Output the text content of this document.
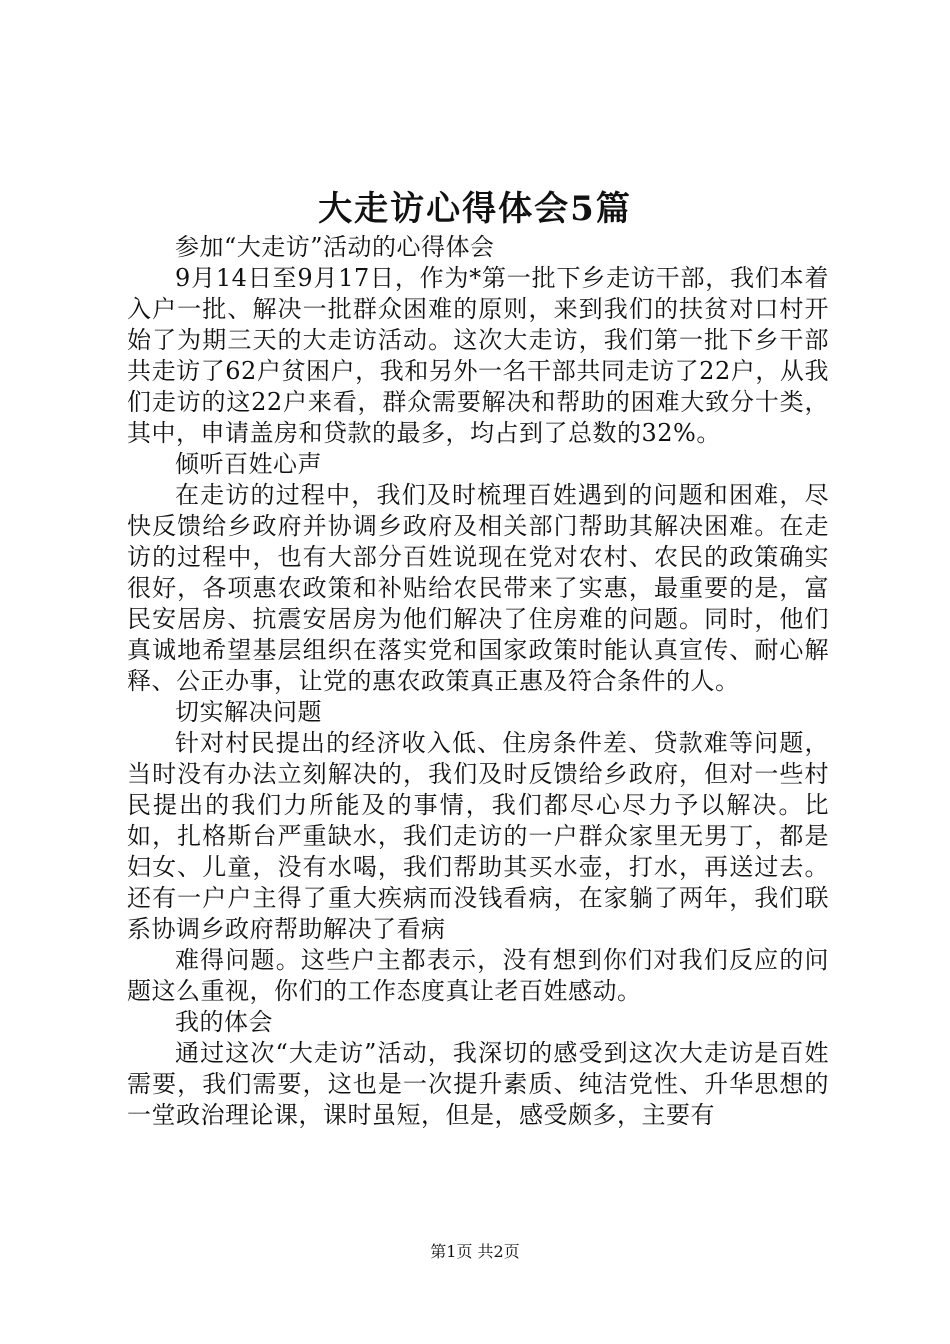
大走访心得体会5篇

参加“大走访”活动的心得体会

9月14日至9月17日，作为*第一批下乡走访干部，我们本着入户一批、解决一批群众困难的原则，来到我们的扶贫对口村开始了为期三天的大走访活动。这次大走访，我们第一批下乡干部共走访了62户贫困户，我和另外一名干部共同走访了22户，从我们走访的这22户来看，群众需要解决和帮助的困难大致分十类，其中，申请盖房和贷款的最多，均占到了总数的32%。

倾听百姓心声

在走访的过程中，我们及时梳理百姓遇到的问题和困难，尽快反馈给乡政府并协调乡政府及相关部门帮助其解决困难。在走访的过程中，也有大部分百姓说现在党对农村、农民的政策确实很好，各项惠农政策和补贴给农民带来了实惠，最重要的是，富民安居房、抗震安居房为他们解决了住房难的问题。同时，他们真诚地希望基层组织在落实党和国家政策时能认真宣传、耐心解释、公正办事，让党的惠农政策真正惠及符合条件的人。

切实解决问题

针对村民提出的经济收入低、住房条件差、贷款难等问题，当时没有办法立刻解决的，我们及时反馈给乡政府，但对一些村民提出的我们力所能及的事情，我们都尽心尽力予以解决。比如，扎格斯台严重缺水，我们走访的一户群众家里无男丁，都是妇女、儿童，没有水喝，我们帮助其买水壶，打水，再送过去。还有一户户主得了重大疾病而没钱看病，在家躺了两年，我们联系协调乡政府帮助解决了看病

难得问题。这些户主都表示，没有想到你们对我们反应的问题这么重视，你们的工作态度真让老百姓感动。

我的体会

通过这次“大走访”活动，我深切的感受到这次大走访是百姓需要，我们需要，这也是一次提升素质、纯洁党性、升华思想的一堂政治理论课，课时虽短，但是，感受颇多，主要有

第1页 共2页
